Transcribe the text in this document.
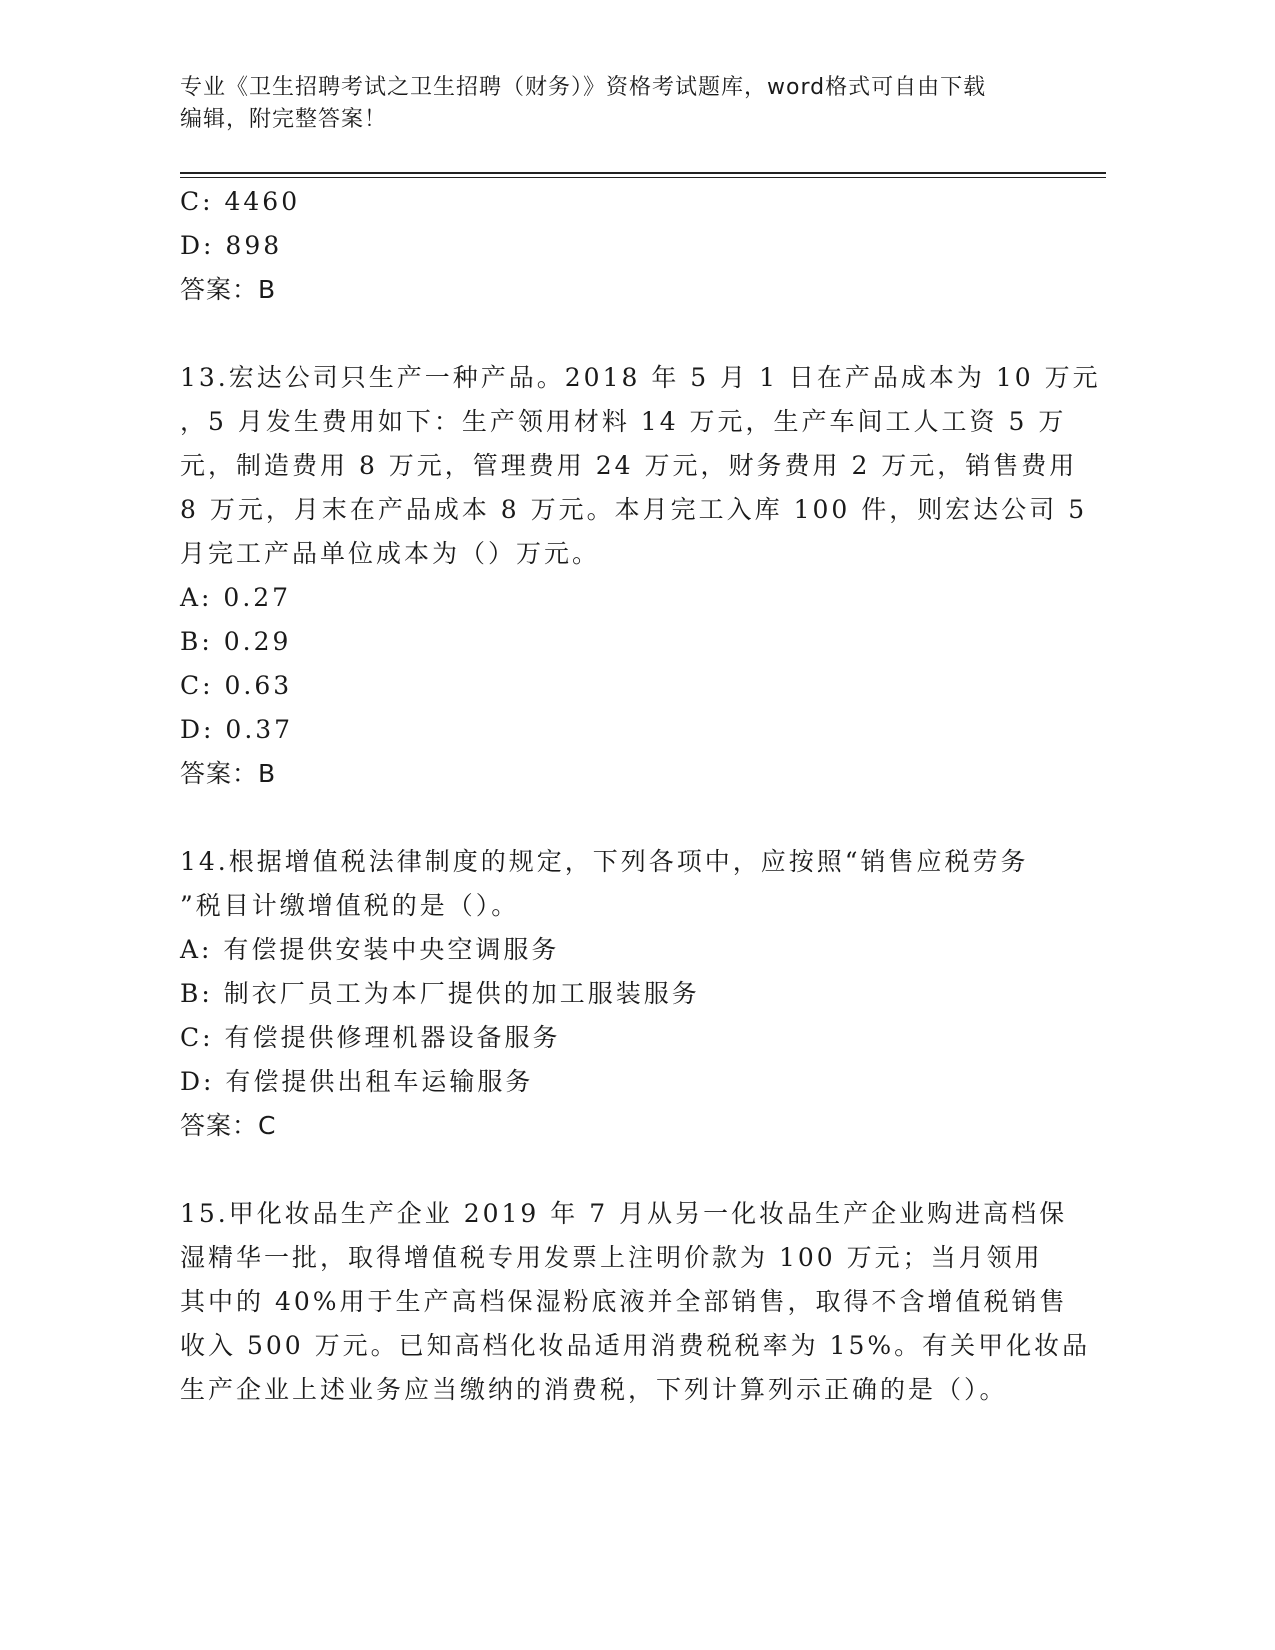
专业《卫生招聘考试之卫生招聘（财务）》资格考试题库，word格式可自由下载
编辑，附完整答案！
C: 4460
D: 898
答案：B
13.宏达公司只生产一种产品。2018 年 5 月 1 日在产品成本为 10 万元
，5 月发生费用如下：生产领用材料 14 万元，生产车间工人工资 5 万
元，制造费用 8 万元，管理费用 24 万元，财务费用 2 万元，销售费用
8 万元，月末在产品成本 8 万元。本月完工入库 100 件，则宏达公司 5
月完工产品单位成本为（）万元。
A: 0.27
B: 0.29
C: 0.63
D: 0.37
答案：B
14.根据增值税法律制度的规定，下列各项中，应按照“销售应税劳务
”税目计缴增值税的是（）。
A: 有偿提供安装中央空调服务
B: 制衣厂员工为本厂提供的加工服装服务
C: 有偿提供修理机器设备服务
D: 有偿提供出租车运输服务
答案：C
15.甲化妆品生产企业 2019 年 7 月从另一化妆品生产企业购进高档保
湿精华一批，取得增值税专用发票上注明价款为 100 万元；当月领用
其中的 40%用于生产高档保湿粉底液并全部销售，取得不含增值税销售
收入 500 万元。已知高档化妆品适用消费税税率为 15%。有关甲化妆品
生产企业上述业务应当缴纳的消费税，下列计算列示正确的是（）。
